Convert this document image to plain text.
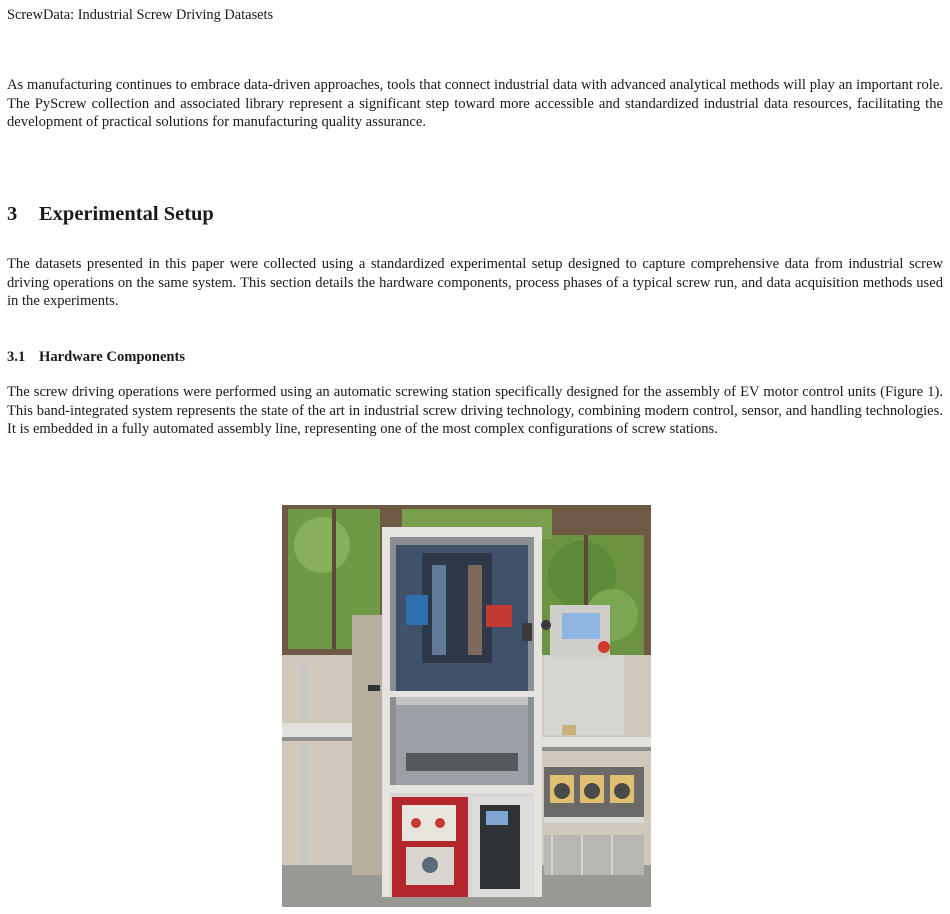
ScrewData: Industrial Screw Driving Datasets

As manufacturing continues to embrace data-driven approaches, tools that connect industrial data with advanced analytical methods will play an important role. The PyScrew collection and associated library represent a significant step toward more accessible and standardized industrial data resources, facilitating the development of practical solutions for manufacturing quality assurance.

3 Experimental Setup

The datasets presented in this paper were collected using a standardized experimental setup designed to capture comprehensive data from industrial screw driving operations on the same system. This section details the hardware components, process phases of a typical screw run, and data acquisition methods used in the experiments.

3.1 Hardware Components

The screw driving operations were performed using an automatic screwing station specifically designed for the assembly of EV motor control units (Figure 1). This band-integrated system represents the state of the art in industrial screw driving technology, combining modern control, sensor, and handling technologies. It is embedded in a fully automated assembly line, representing one of the most complex configurations of screw stations.
